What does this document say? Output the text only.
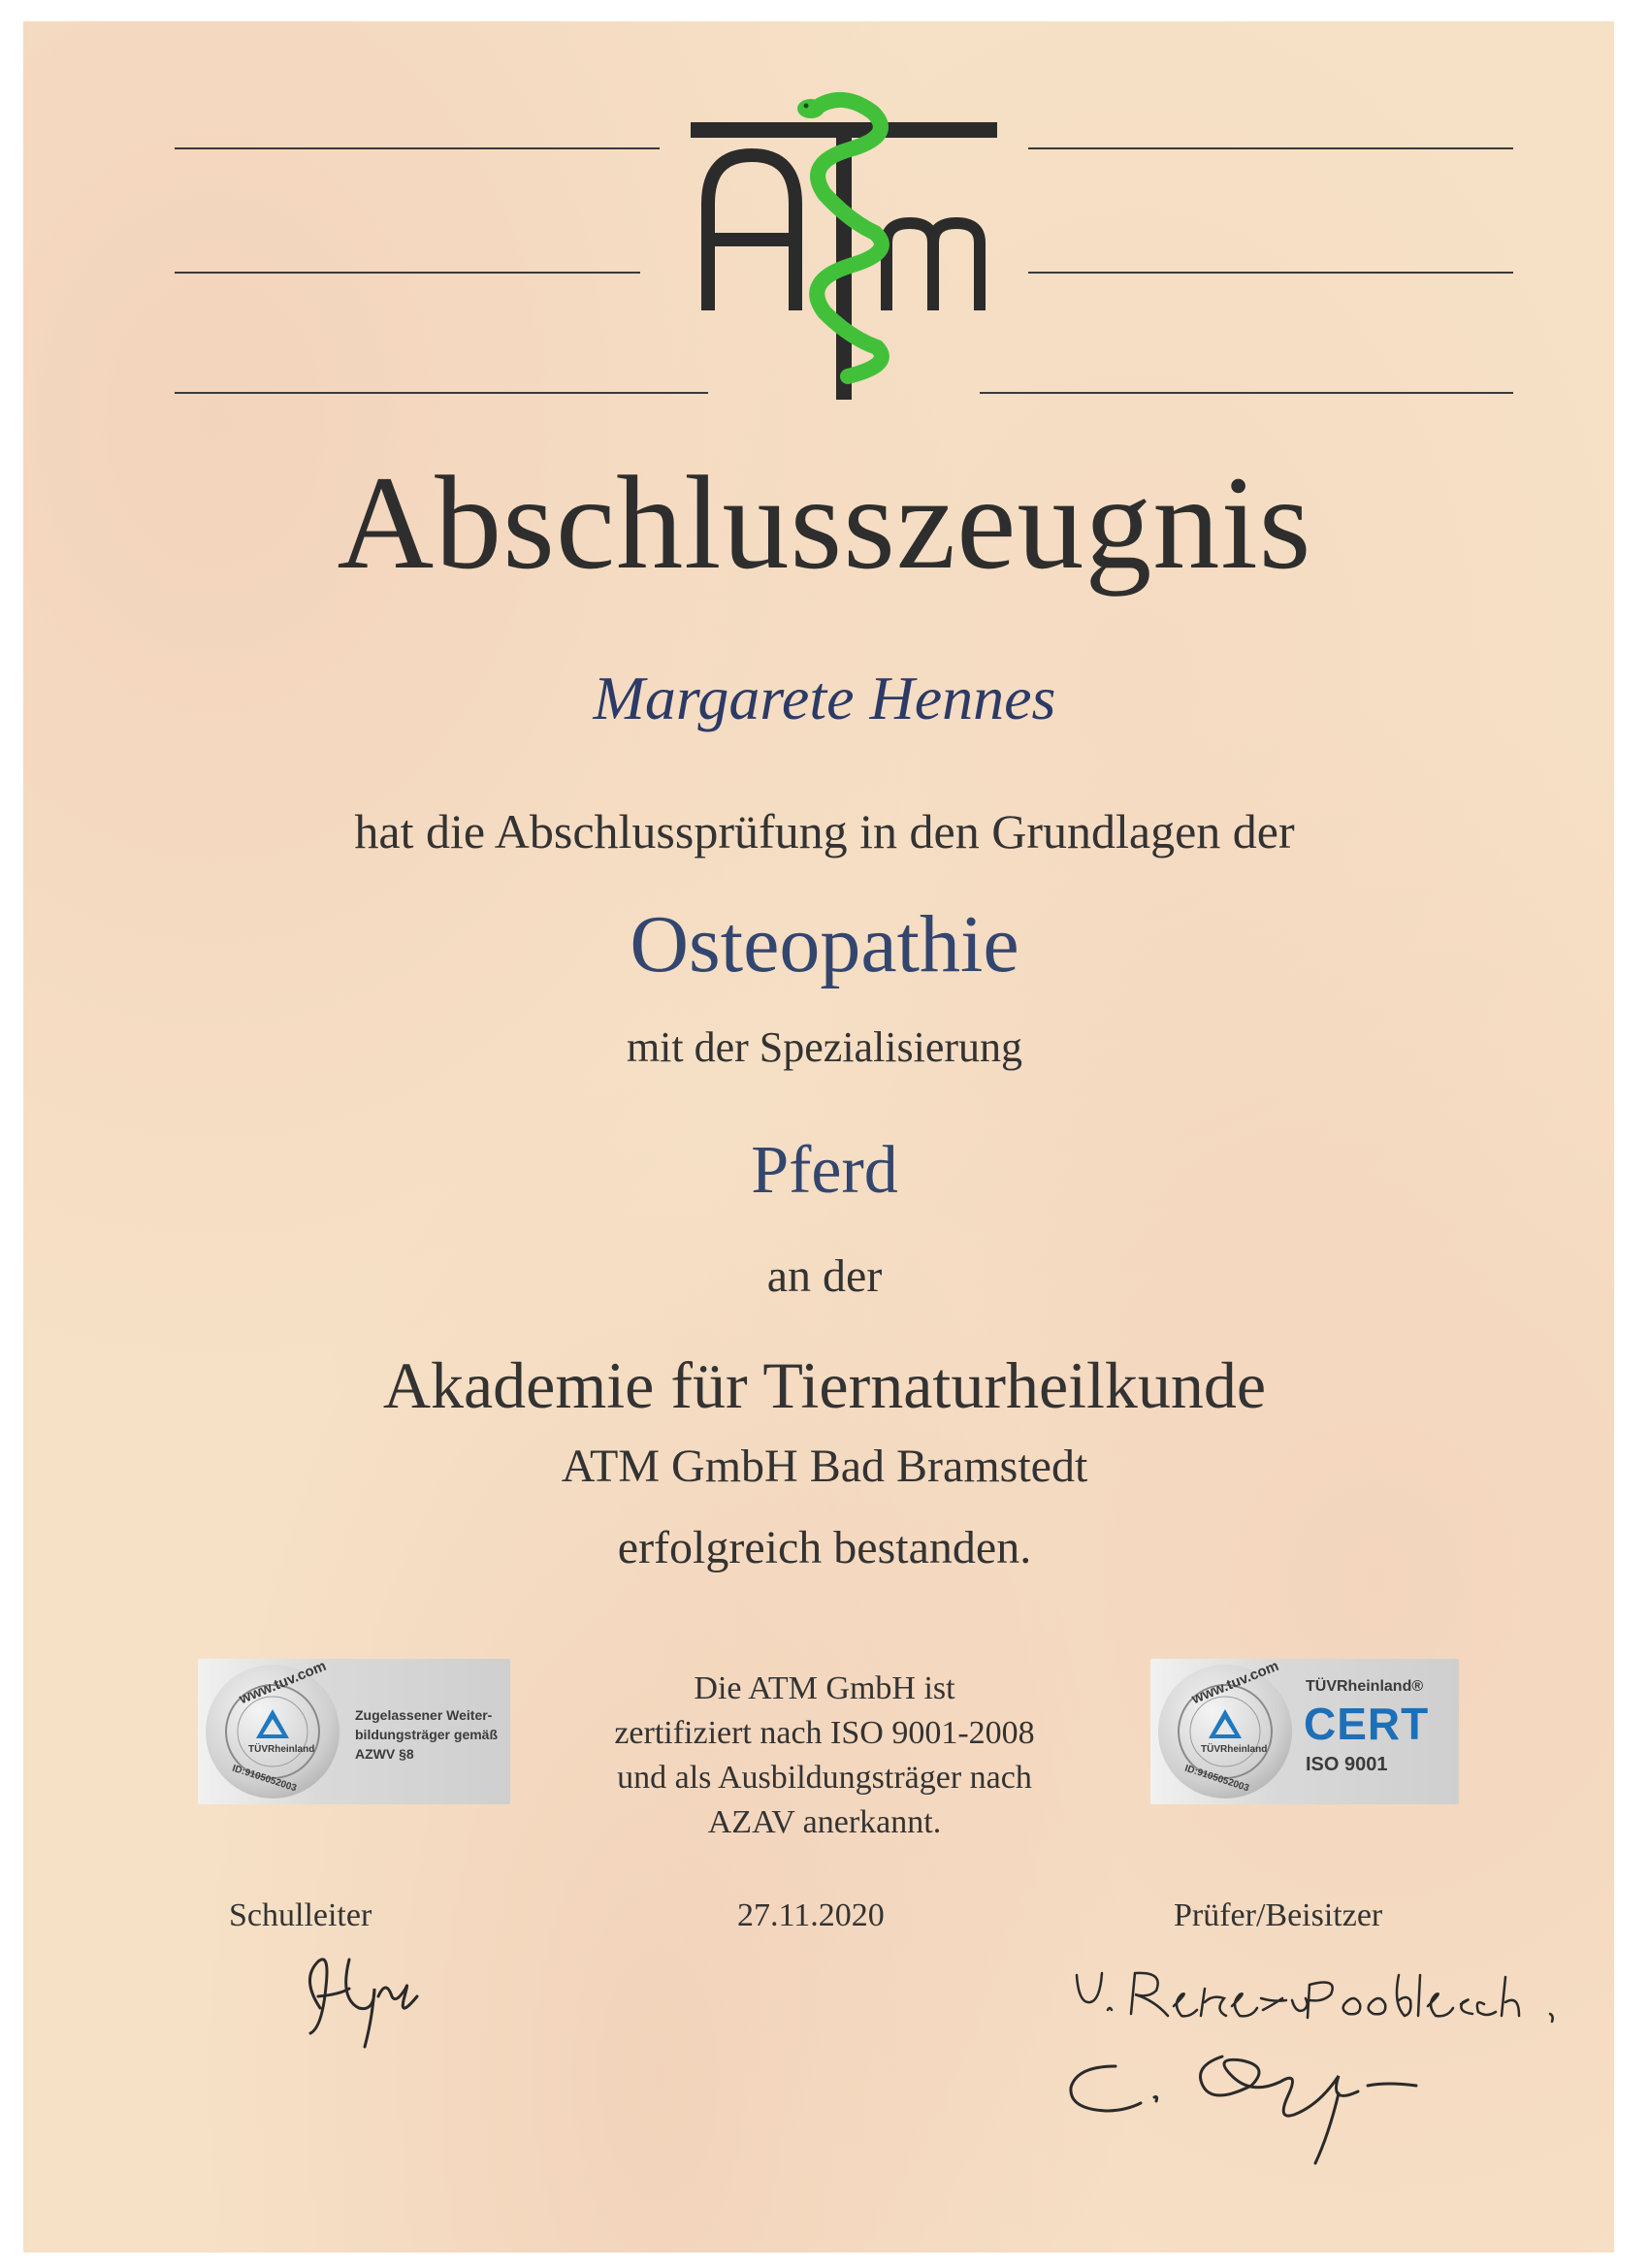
Abschlusszeugnis
Margarete Hennes
hat die Abschlussprüfung in den Grundlagen der
Osteopathie
mit der Spezialisierung
Pferd
an der
Akademie für Tiernaturheilkunde
ATM GmbH Bad Bramstedt
erfolgreich bestanden.
www.tuv.com
TÜVRheinland
ID:9105052003
Zugelassener Weiter-
bildungsträger gemäß
AZWV §8
Die ATM GmbH ist
zertifiziert nach ISO 9001-2008
und als Ausbildungsträger nach
AZAV anerkannt.
www.tuv.com
TÜVRheinland
ID:9105052003
TÜVRheinland®
CERT
ISO 9001
Schulleiter	27.11.2020	Prüfer/Beisitzer
